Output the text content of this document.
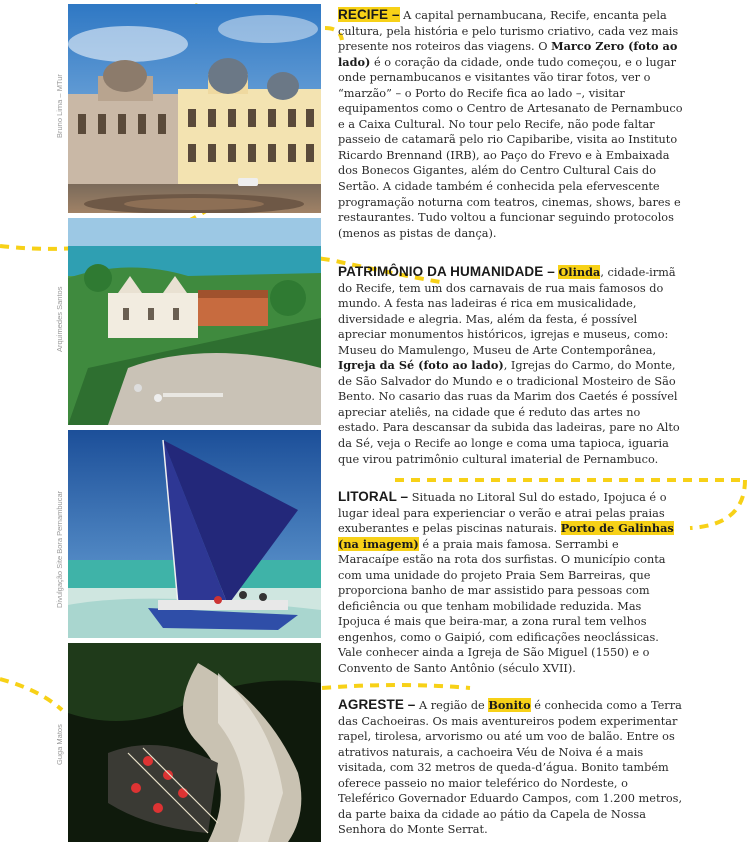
Bruno Lima – MTur
Arquimedes Santos
Divulgação Site Bora Pernambucar
Guga Matos

RECIFE – A capital pernambucana, Recife, encanta pela cultura, pela história e pelo turismo criativo, cada vez mais presente nos roteiros das viagens. O Marco Zero (foto ao lado) é o coração da cidade, onde tudo começou, e o lugar onde pernambucanos e visitantes vão tirar fotos, ver o “marzão” – o Porto do Recife fica ao lado –, visitar equipamentos como o Centro de Artesanato de Pernambuco e a Caixa Cultural. No tour pelo Recife, não pode faltar passeio de catamarã pelo rio Capibaribe, visita ao Instituto Ricardo Brennand (IRB), ao Paço do Frevo e à Embaixada dos Bonecos Gigantes, além do Centro Cultural Cais do Sertão. A cidade também é conhecida pela efervescente programação noturna com teatros, cinemas, shows, bares e restaurantes. Tudo voltou a funcionar seguindo protocolos (menos as pistas de dança).

PATRIMÔNIO DA HUMANIDADE – Olinda, cidade-irmã do Recife, tem um dos carnavais de rua mais famosos do mundo. A festa nas ladeiras é rica em musicalidade, diversidade e alegria. Mas, além da festa, é possível apreciar monumentos históricos, igrejas e museus, como: Museu do Mamulengo, Museu de Arte Contemporânea, Igreja da Sé (foto ao lado), Igrejas do Carmo, do Monte, de São Salvador do Mundo e o tradicional Mosteiro de São Bento. No casario das ruas da Marim dos Caetés é possível apreciar ateliês, na cidade que é reduto das artes no estado. Para descansar da subida das ladeiras, pare no Alto da Sé, veja o Recife ao longe e coma uma tapioca, iguaria que virou patrimônio cultural imaterial de Pernambuco.

LITORAL – Situada no Litoral Sul do estado, Ipojuca é o lugar ideal para experienciar o verão e atrai pelas praias exuberantes e pelas piscinas naturais. Porto de Galinhas (na imagem) é a praia mais famosa. Serrambi e Maracaípe estão na rota dos surfistas. O município conta com uma unidade do projeto Praia Sem Barreiras, que proporciona banho de mar assistido para pessoas com deficiência ou que tenham mobilidade reduzida. Mas Ipojuca é mais que beira-mar, a zona rural tem velhos engenhos, como o Gaipió, com edificações neoclássicas. Vale conhecer ainda a Igreja de São Miguel (1550) e o Convento de Santo Antônio (século XVII).

AGRESTE – A região de Bonito é conhecida como a Terra das Cachoeiras. Os mais aventureiros podem experimentar rapel, tirolesa, arvorismo ou até um voo de balão. Entre os atrativos naturais, a cachoeira Véu de Noiva é a mais visitada, com 32 metros de queda-d’água. Bonito também oferece passeio no maior teleférico do Nordeste, o Teleférico Governador Eduardo Campos, com 1.200 metros, da parte baixa da cidade ao pátio da Capela de Nossa Senhora do Monte Serrat.
